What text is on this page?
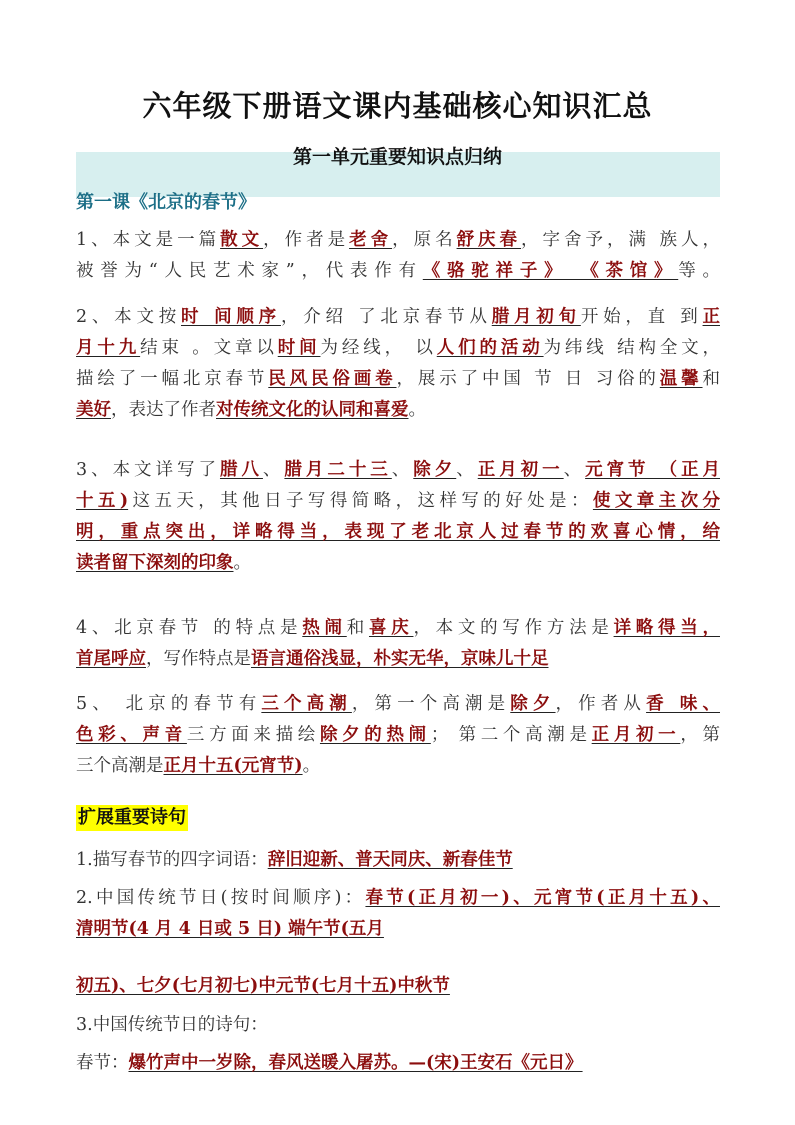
六年级下册语文课内基础核心知识汇总
第一单元重要知识点归纳
第一课《北京的春节》
1、本文是一篇散文，作者是老舍，原名舒庆春，字舍予，满 族人，
被誉为“人民艺术家”，代表作有《骆驼祥子》 《茶馆》等。
2、本文按时 间顺序，介绍 了北京春节从腊月初旬开始，直 到正
月十九结束 。文章以时间为经线， 以人们的活动为纬线 结构全文，
描绘了一幅北京春节民风民俗画卷，展示了中国 节 日 习俗的温馨和
美好，表达了作者对传统文化的认同和喜爱。
3、本文详写了腊八、腊月二十三、除夕、正月初一、元宵节 （正月
十五)这五天，其他日子写得简略，这样写的好处是：使文章主次分
明，重点突出，详略得当，表现了老北京人过春节的欢喜心情，给
读者留下深刻的印象。
4、北京春节 的特点是热闹和喜庆，本文的写作方法是详略得当，
首尾呼应，写作特点是语言通俗浅显，朴实无华，京味儿十足
5、 北京的春节有三个高潮，第一个高潮是除夕，作者从香 味、
色彩、声音三方面来描绘除夕的热闹； 第二个高潮是正月初一，第
三个高潮是正月十五(元宵节)。
扩展重要诗句
1.描写春节的四字词语：辞旧迎新、普天同庆、新春佳节
2.中国传统节日(按时间顺序)：春节(正月初一)、元宵节(正月十五)、
清明节(4 月 4 日或 5 日) 端午节(五月
初五)、七夕(七月初七)中元节(七月十五)中秋节
3.中国传统节日的诗句：
春节：爆竹声中一岁除，春风送暖入屠苏。—(宋)王安石《元日》
